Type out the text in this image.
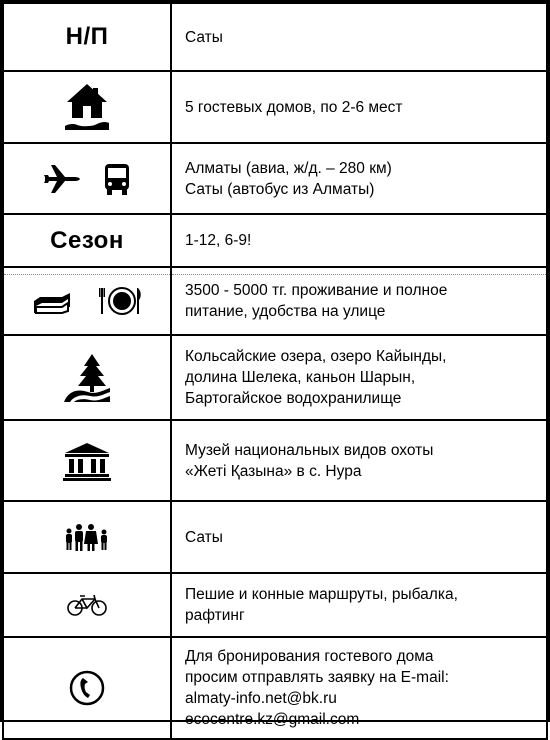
Н/П	Саты

5 гостевых домов, по 2-6 мест

Алматы (авиа, ж/д. – 280 км)
Саты (автобус из Алматы)

Сезон	1-12, 6-9!

3500 - 5000 тг. проживание и полное
питание, удобства на улице

Кольсайские озера, озеро Кайынды,
долина Шелека, каньон Шарын,
Бартогайское водохранилище

Музей национальных видов охоты
«Жетi Қазына» в с. Нура

Саты

Пешие и конные маршруты, рыбалка,
рафтинг

Для бронирования гостевого дома
просим отправлять заявку на E-mail:
almaty-info.net@bk.ru
ecocentre.kz@gmail.com
